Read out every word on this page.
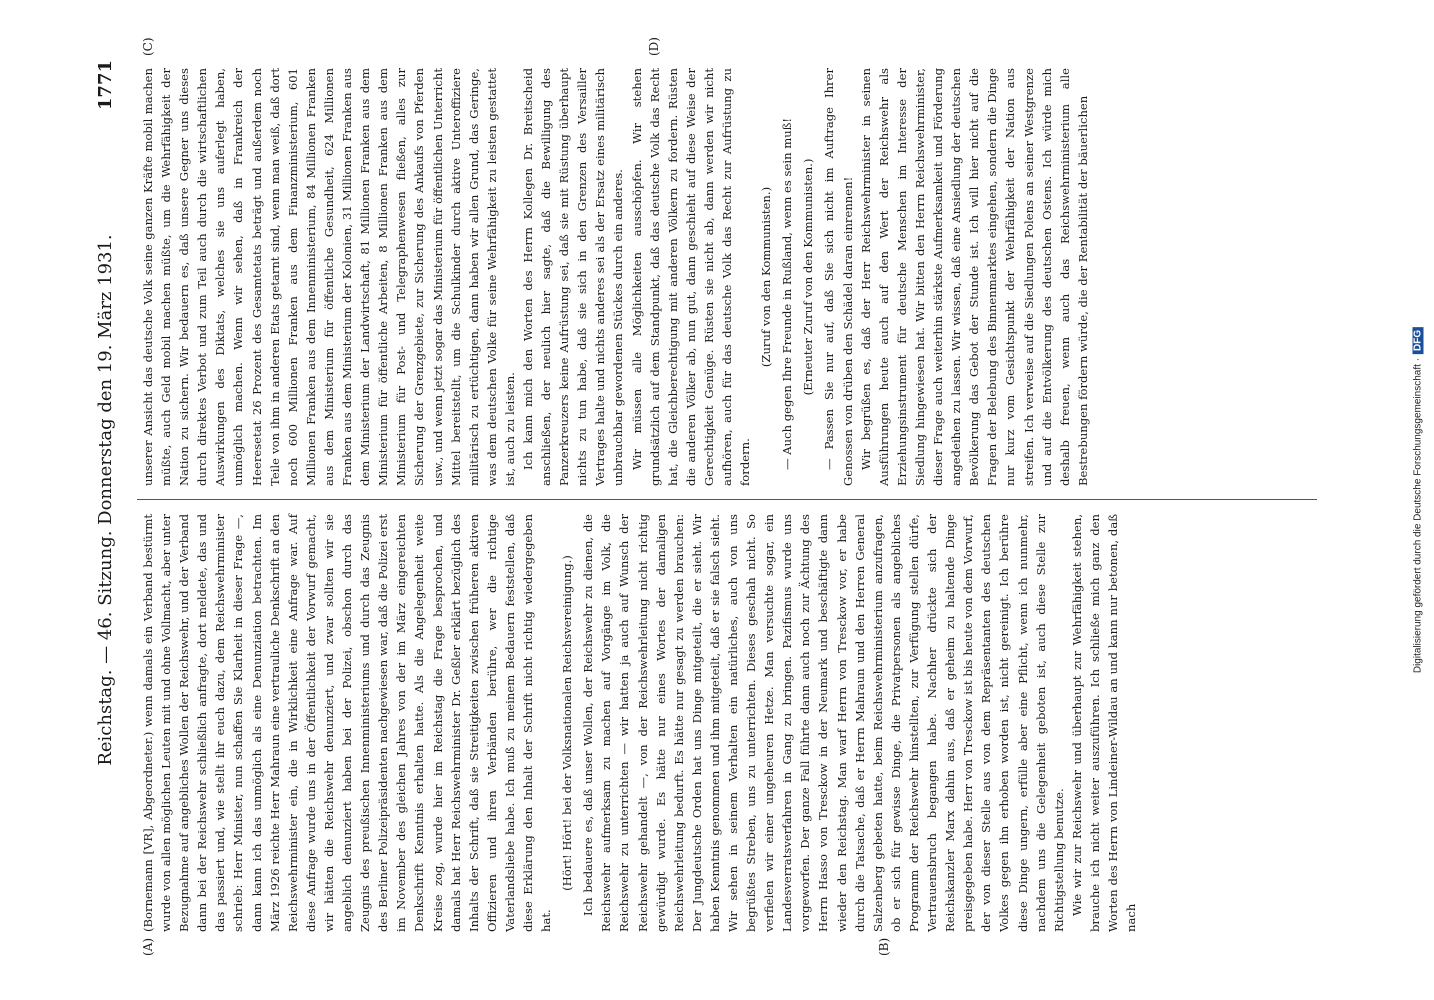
Reichstag. — 46. Sitzung. Donnerstag den 19. März 1931.
1771
(A)	(B)
(C)	(D)

(Bornemann [VR], Abgeordneter.) wenn damals ein Verband bestürmt wurde von allen möglichen Leuten mit und ohne Vollmacht, aber unter Bezugnahme auf angebliches Wollen der Reichswehr, und der Verband dann bei der Reichswehr schließlich anfragte, dort meldete, das und das passiert und, wie stellt ihr euch dazu, dem Reichswehrminister schrieb: Herr Minister, nun schaffen Sie Klarheit in dieser Frage —, dann kann ich das unmöglich als eine Denunziation betrachten. Im März 1926 reichte Herr Mahraun eine vertrauliche Denkschrift an den Reichswehrminister ein, die in Wirklichkeit eine Anfrage war. Auf diese Anfrage wurde uns in der Öffentlichkeit der Vorwurf gemacht, wir hätten die Reichswehr denunziert, und zwar sollten wir sie angeblich denunziert haben bei der Polizei, obschon durch das Zeugnis des preußischen Innenministeriums und durch das Zeugnis des Berliner Polizeipräsidenten nachgewiesen war, daß die Polizei erst im November des gleichen Jahres von der im März eingereichten Denkschrift Kenntnis erhalten hatte. Als die Angelegenheit weite Kreise zog, wurde hier im Reichstag die Frage besprochen, und damals hat Herr Reichswehrminister Dr. Geßler erklärt bezüglich des Inhalts der Schrift, daß sie Streitigkeiten zwischen früheren aktiven Offizieren und ihren Verbänden berühre, wer die richtige Vaterlandsliebe habe. Ich muß zu meinem Bedauern feststellen, daß diese Erklärung den Inhalt der Schrift nicht richtig wiedergegeben hat.

(Hört! Hört! bei der Volksnationalen Reichsvereinigung.) Ich bedauere es, daß unser Wollen, der Reichswehr zu dienen, die Reichswehr aufmerksam zu machen auf Vorgänge im Volk, die Reichswehr zu unterrichten — wir hatten ja auch auf Wunsch der Reichswehr gehandelt —, von der Reichswehrleitung nicht richtig gewürdigt wurde. Es hätte nur eines Wortes der damaligen Reichswehrleitung bedurft. Es hätte nur gesagt zu werden brauchen: Der Jungdeutsche Orden hat uns Dinge mitgeteilt, die er sieht. Wir haben Kenntnis genommen und ihm mitgeteilt, daß er sie falsch sieht. Wir sehen in seinem Verhalten ein natürliches, auch von uns begrüßtes Streben, uns zu unterrichten. Dieses geschah nicht. So verfielen wir einer ungeheuren Hetze. Man versuchte sogar, ein Landesverratsverfahren in Gang zu bringen. Pazifismus wurde uns vorgeworfen. Der ganze Fall führte dann auch noch zur Ächtung des Herrn Hasso von Tresckow in der Neumark und beschäftigte dann wieder den Reichstag. Man warf Herrn von Tresckow vor, er habe durch die Tatsache, daß er Herrn Mahraun und den Herren General Salzenberg gebeten hatte, beim Reichswehrministerium anzufragen, ob er sich für gewisse Dinge, die Privatpersonen als angebliches Programm der Reichswehr hinstellten, zur Verfügung stellen dürfe, Vertrauensbruch begangen habe. Nachher drückte sich der Reichskanzler Marx dahin aus, daß er geheim zu haltende Dinge preisgegeben habe. Herr von Tresckow ist bis heute von dem Vorwurf, der von dieser Stelle aus von dem Repräsentanten des deutschen Volkes gegen ihn erhoben worden ist, nicht gereinigt. Ich berühre diese Dinge ungern, erfülle aber eine Pflicht, wenn ich nunmehr, nachdem uns die Gelegenheit geboten ist, auch diese Stelle zur Richtigstellung benutze. Wie wir zur Reichswehr und überhaupt zur Wehrfähigkeit stehen, brauche ich nicht weiter auszuführen. Ich schließe mich ganz den Worten des Herrn von Lindeiner-Wildau an und kann nur betonen, daß nach

unserer Ansicht das deutsche Volk seine ganzen Kräfte mobil machen müßte, auch Geld mobil machen müßte, um die Wehrfähigkeit der Nation zu sichern. Wir bedauern es, daß unsere Gegner uns dieses durch direktes Verbot und zum Teil auch durch die wirtschaftlichen Auswirkungen des Diktats, welches sie uns auferlegt haben, unmöglich machen. Wenn wir sehen, daß in Frankreich der Heeresetat 26 Prozent des Gesamtetats beträgt und außerdem noch Teile von ihm in anderen Etats getarnt sind, wenn man weiß, daß dort noch 600 Millionen Franken aus dem Finanzministerium, 601 Millionen Franken aus dem Innenministerium, 84 Millionen Franken aus dem Ministerium für öffentliche Gesundheit, 624 Millionen Franken aus dem Ministerium der Kolonien, 31 Millionen Franken aus dem Ministerium der Landwirtschaft, 81 Millionen Franken aus dem Ministerium für öffentliche Arbeiten, 8 Millionen Franken aus dem Ministerium für Post- und Telegraphenwesen fließen, alles zur Sicherung der Grenzgebiete, zur Sicherung des Ankaufs von Pferden usw., und wenn jetzt sogar das Ministerium für öffentlichen Unterricht Mittel bereitstellt, um die Schulkinder durch aktive Unteroffiziere militärisch zu ertüchtigen, dann haben wir allen Grund, das Geringe, was dem deutschen Volke für seine Wehrfähigkeit zu leisten gestattet ist, auch zu leisten. Ich kann mich den Worten des Herrn Kollegen Dr. Breitscheid anschließen, der neulich hier sagte, daß die Bewilligung des Panzerkreuzers keine Aufrüstung sei, daß sie mit Rüstung überhaupt nichts zu tun habe, daß sie sich in den Grenzen des Versailler Vertrages halte und nichts anderes sei als der Ersatz eines militärisch unbrauchbar gewordenen Stückes durch ein anderes. Wir müssen alle Möglichkeiten ausschöpfen. Wir stehen grundsätzlich auf dem Standpunkt, daß das deutsche Volk das Recht hat, die Gleichberechtigung mit anderen Völkern zu fordern. Rüsten die anderen Völker ab, nun gut, dann geschieht auf diese Weise der Gerechtigkeit Genüge. Rüsten sie nicht ab, dann werden wir nicht aufhören, auch für das deutsche Volk das Recht zur Aufrüstung zu fordern.

(Zuruf von den Kommunisten.) — Auch gegen Ihre Freunde in Rußland, wenn es sein muß! (Erneuter Zuruf von den Kommunisten.) — Passen Sie nur auf, daß Sie sich nicht im Auftrage Ihrer Genossen von drüben den Schädel daran einrennen! Wir begrüßen es, daß der Herr Reichswehrminister in seinen Ausführungen heute auch auf den Wert der Reichswehr als Erziehungsinstrument für deutsche Menschen im Interesse der Siedlung hingewiesen hat. Wir bitten den Herrn Reichswehrminister, dieser Frage auch weiterhin stärkste Aufmerksamkeit und Förderung angedeihen zu lassen. Wir wissen, daß eine Ansiedlung der deutschen Bevölkerung das Gebot der Stunde ist. Ich will hier nicht auf die Fragen der Belebung des Binnenmarktes eingehen, sondern die Dinge nur kurz vom Gesichtspunkt der Wehrfähigkeit der Nation aus streifen. Ich verweise auf die Siedlungen Polens an seiner Westgrenze und auf die Entvölkerung des deutschen Ostens. Ich würde mich deshalb freuen, wenn auch das Reichswehrministerium alle Bestrebungen fördern würde, die der Rentabilität der bäuerlichen

Digitalisierung gefördert durch die Deutsche Forschungsgemeinschaft ·DFG
